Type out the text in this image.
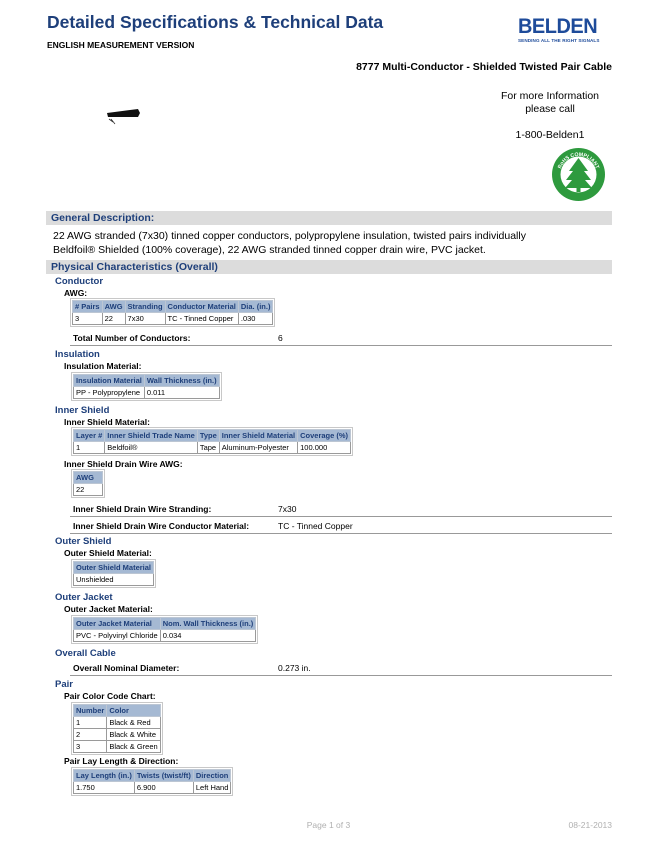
Detailed Specifications & Technical Data
ENGLISH MEASUREMENT VERSION
BELDEN
SENDING ALL THE RIGHT SIGNALS
8777 Multi-Conductor - Shielded Twisted Pair Cable
For more Information
please call
1-800-Belden1
RoHS COMPLIANT
General Description:
22 AWG stranded (7x30) tinned copper conductors, polypropylene insulation, twisted pairs individually
Beldfoil® Shielded (100% coverage), 22 AWG stranded tinned copper drain wire, PVC jacket.
Physical Characteristics (Overall)
Conductor
AWG:
# Pairs	AWG	Stranding	Conductor Material	Dia. (in.)
3	22	7x30	TC - Tinned Copper	.030
Total Number of Conductors:	6
Insulation
Insulation Material:
Insulation Material	Wall Thickness (in.)
PP - Polypropylene	0.011
Inner Shield
Inner Shield Material:
Layer #	Inner Shield Trade Name	Type	Inner Shield Material	Coverage (%)
1	Beldfoil®	Tape	Aluminum-Polyester	100.000
Inner Shield Drain Wire AWG:
AWG
22
Inner Shield Drain Wire Stranding:	7x30
Inner Shield Drain Wire Conductor Material:	TC - Tinned Copper
Outer Shield
Outer Shield Material:
Outer Shield Material
Unshielded
Outer Jacket
Outer Jacket Material:
Outer Jacket Material	Nom. Wall Thickness (in.)
PVC - Polyvinyl Chloride	0.034
Overall Cable
Overall Nominal Diameter:	0.273 in.
Pair
Pair Color Code Chart:
Number	Color
1	Black & Red
2	Black & White
3	Black & Green
Pair Lay Length & Direction:
Lay Length (in.)	Twists (twist/ft)	Direction
1.750	6.900	Left Hand
Page 1 of 3	08-21-2013
